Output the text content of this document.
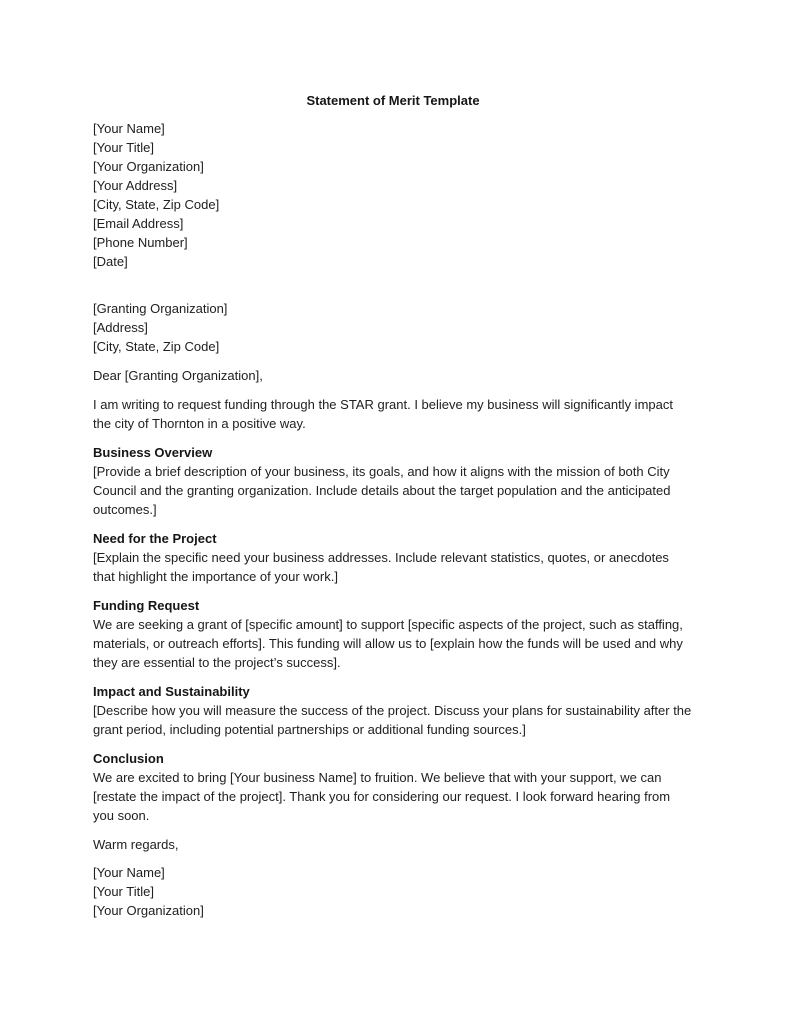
Statement of Merit Template

[Your Name]

[Your Title]

[Your Organization]

[Your Address]

[City, State, Zip Code]

[Email Address]

[Phone Number]

[Date]

[Granting Organization]

[Address]

[City, State, Zip Code]

Dear [Granting Organization],

I am writing to request funding through the STAR grant. I believe my business will significantly impact the city of Thornton in a positive way.

Business Overview
[Provide a brief description of your business, its goals, and how it aligns with the mission of both City Council and the granting organization. Include details about the target population and the anticipated outcomes.]
Need for the Project
[Explain the specific need your business addresses. Include relevant statistics, quotes, or anecdotes that highlight the importance of your work.]
Funding Request
We are seeking a grant of [specific amount] to support [specific aspects of the project, such as staffing, materials, or outreach efforts]. This funding will allow us to [explain how the funds will be used and why they are essential to the project’s success].
Impact and Sustainability
[Describe how you will measure the success of the project. Discuss your plans for sustainability after the grant period, including potential partnerships or additional funding sources.]
Conclusion
We are excited to bring [Your business Name] to fruition. We believe that with your support, we can [restate the impact of the project]. Thank you for considering our request. I look forward hearing from you soon.

Warm regards,

[Your Name]

[Your Title]

[Your Organization]
